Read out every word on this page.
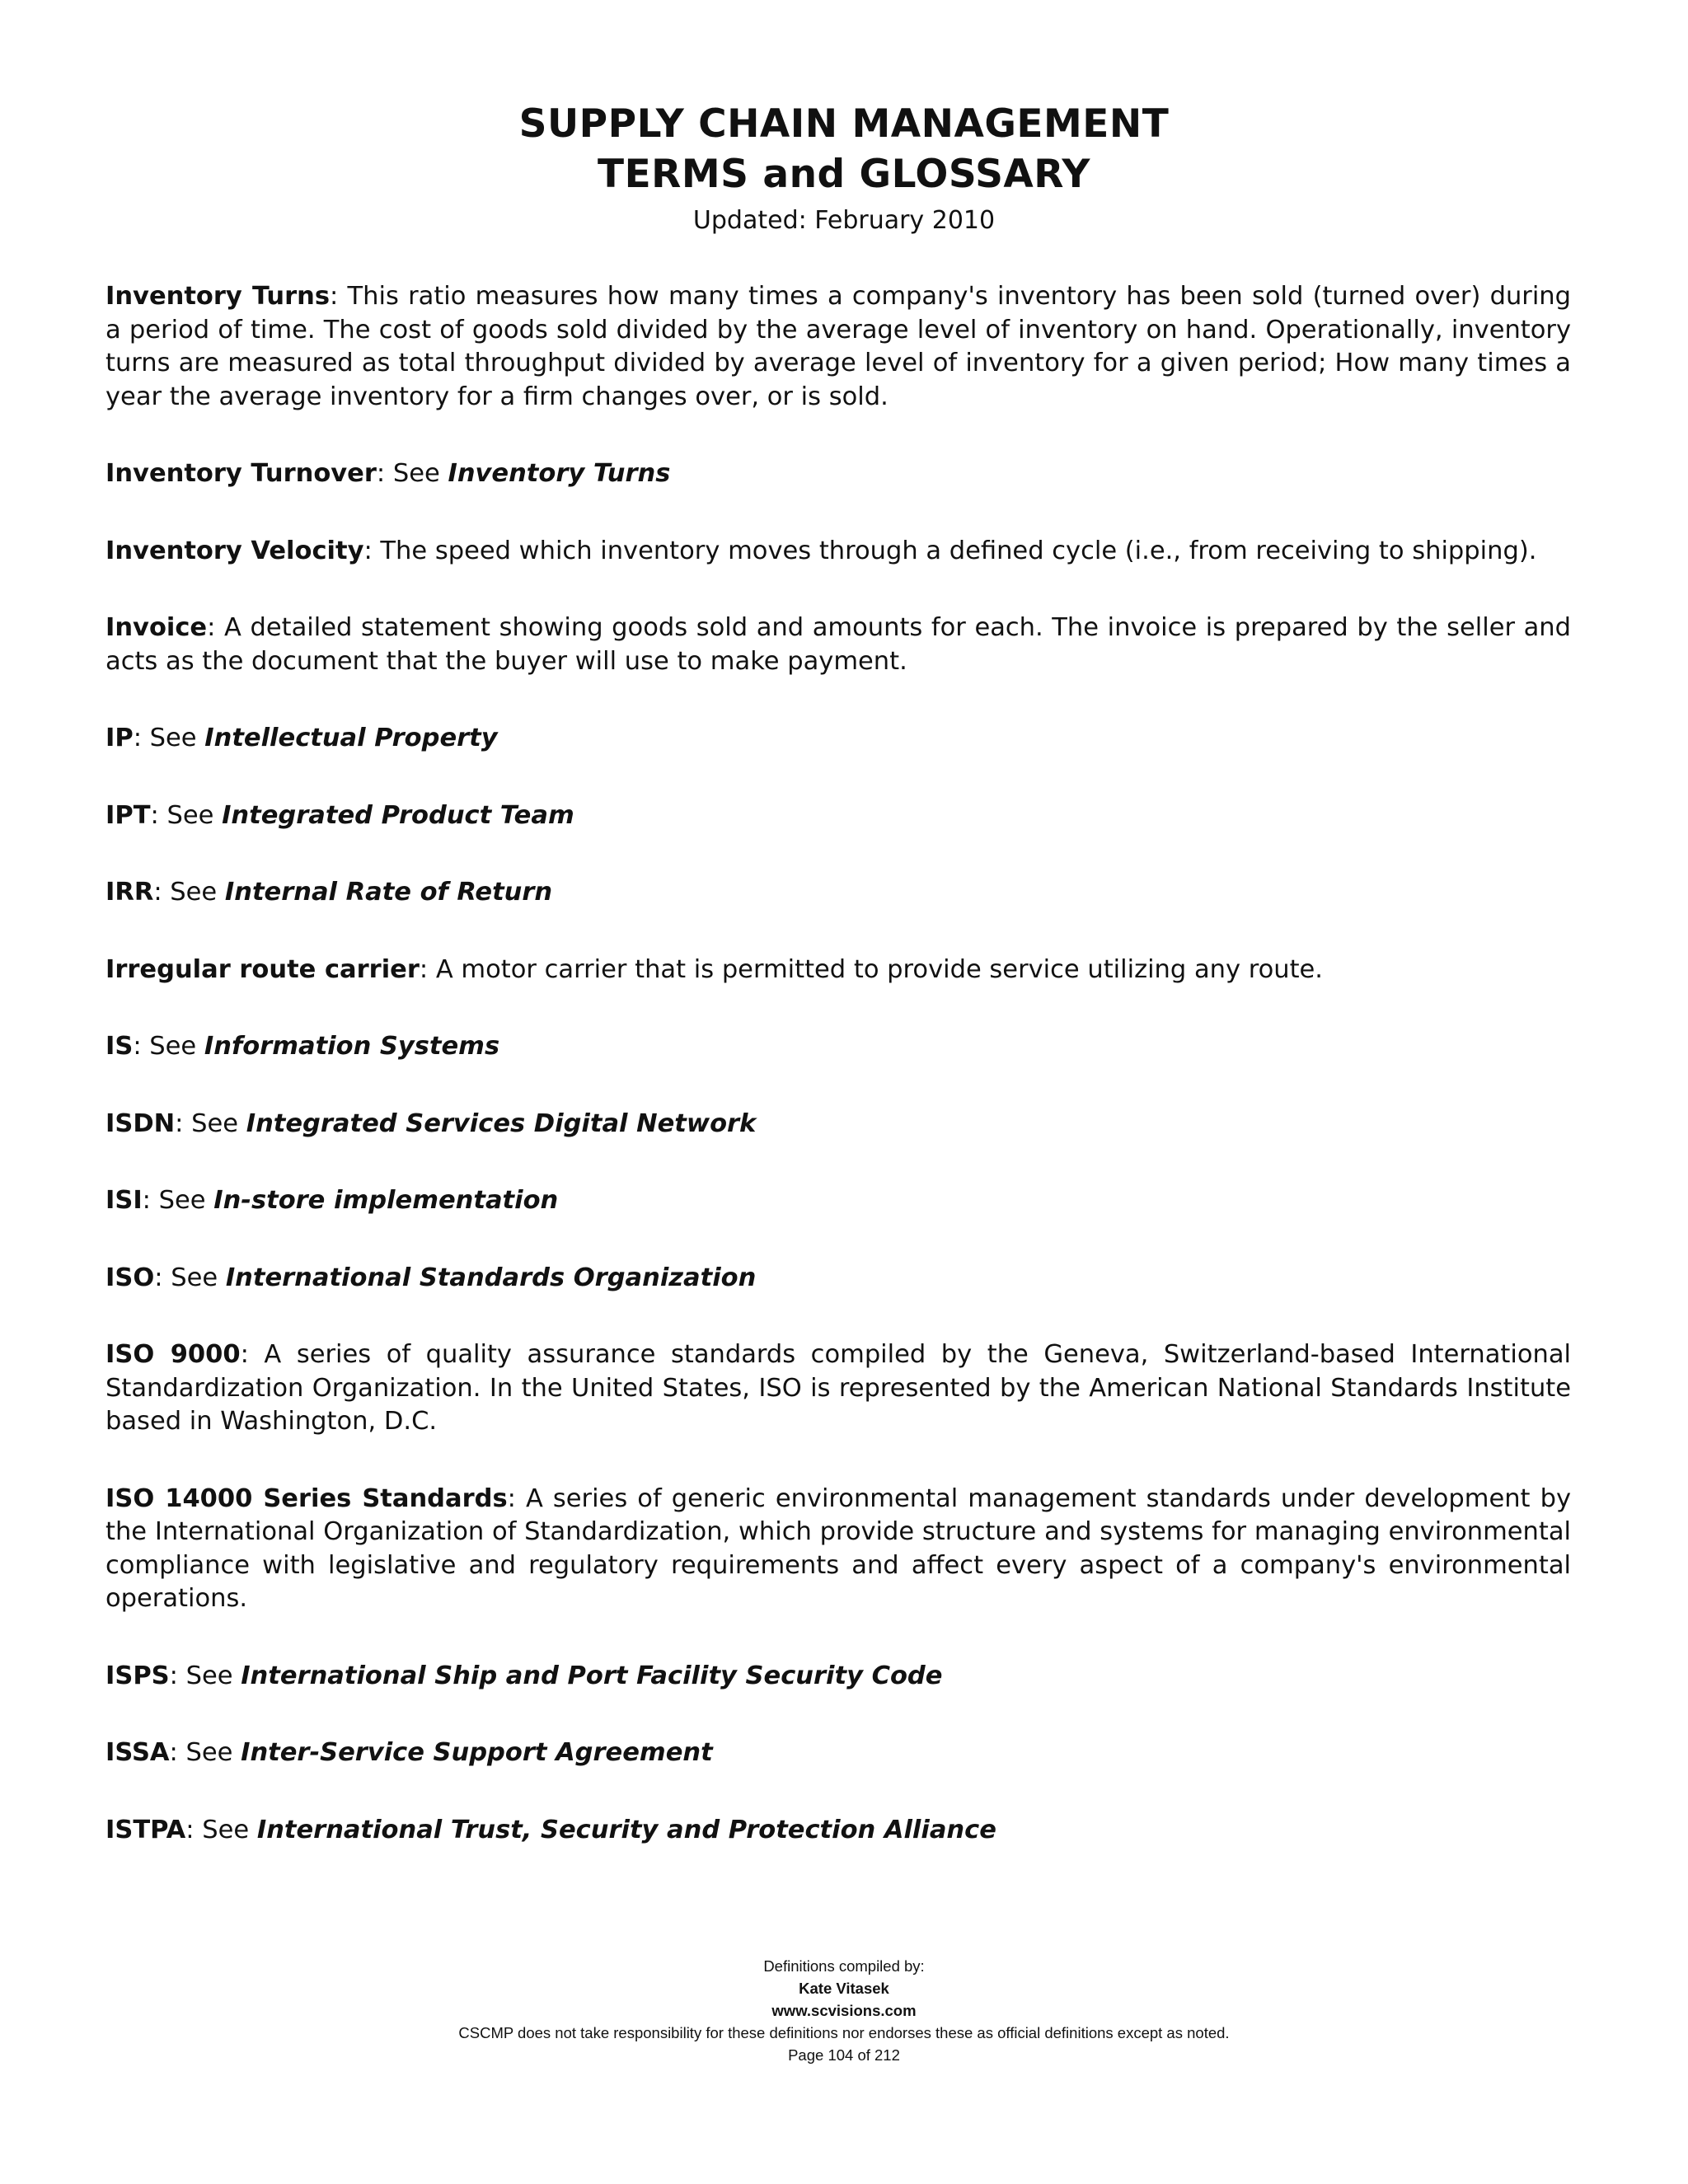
SUPPLY CHAIN MANAGEMENT
TERMS and GLOSSARY
Updated: February 2010

Inventory Turns: This ratio measures how many times a company's inventory has been sold (turned over) during a period of time. The cost of goods sold divided by the average level of inventory on hand. Operationally, inventory turns are measured as total throughput divided by average level of inventory for a given period; How many times a year the average inventory for a firm changes over, or is sold.

Inventory Turnover: See Inventory Turns

Inventory Velocity: The speed which inventory moves through a defined cycle (i.e., from receiving to shipping).

Invoice: A detailed statement showing goods sold and amounts for each. The invoice is prepared by the seller and acts as the document that the buyer will use to make payment.

IP: See Intellectual Property

IPT: See Integrated Product Team

IRR: See Internal Rate of Return

Irregular route carrier: A motor carrier that is permitted to provide service utilizing any route.

IS: See Information Systems

ISDN: See Integrated Services Digital Network

ISI: See In-store implementation

ISO: See International Standards Organization

ISO 9000: A series of quality assurance standards compiled by the Geneva, Switzerland-based International Standardization Organization. In the United States, ISO is represented by the American National Standards Institute based in Washington, D.C.

ISO 14000 Series Standards: A series of generic environmental management standards under development by the International Organization of Standardization, which provide structure and systems for managing environmental compliance with legislative and regulatory requirements and affect every aspect of a company's environmental operations.

ISPS: See International Ship and Port Facility Security Code

ISSA: See Inter-Service Support Agreement

ISTPA: See International Trust, Security and Protection Alliance

Definitions compiled by:
Kate Vitasek
www.scvisions.com
CSCMP does not take responsibility for these definitions nor endorses these as official definitions except as noted.
Page 104 of 212
